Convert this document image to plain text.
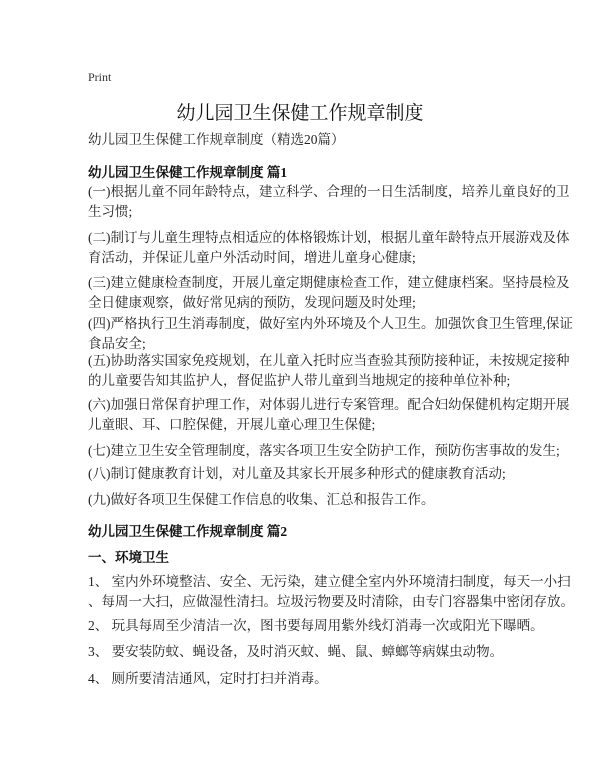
Print
幼儿园卫生保健工作规章制度
幼儿园卫生保健工作规章制度（精选20篇）
幼儿园卫生保健工作规章制度 篇1
(一)根据儿童不同年龄特点，建立科学、合理的一日生活制度，培养儿童良好的卫
生习惯;
(二)制订与儿童生理特点相适应的体格锻炼计划，根据儿童年龄特点开展游戏及体
育活动，并保证儿童户外活动时间，增进儿童身心健康;
(三)建立健康检查制度，开展儿童定期健康检查工作，建立健康档案。坚持晨检及
全日健康观察，做好常见病的预防，发现问题及时处理;
(四)严格执行卫生消毒制度，做好室内外环境及个人卫生。加强饮食卫生管理,保证
食品安全;
(五)协助落实国家免疫规划，在儿童入托时应当查验其预防接种证，未按规定接种
的儿童要告知其监护人，督促监护人带儿童到当地规定的接种单位补种;
(六)加强日常保育护理工作，对体弱儿进行专案管理。配合妇幼保健机构定期开展
儿童眼、耳、口腔保健，开展儿童心理卫生保健;
(七)建立卫生安全管理制度，落实各项卫生安全防护工作，预防伤害事故的发生;
(八)制订健康教育计划，对儿童及其家长开展多种形式的健康教育活动;
(九)做好各项卫生保健工作信息的收集、汇总和报告工作。
幼儿园卫生保健工作规章制度 篇2
一、环境卫生
1、 室内外环境整洁、安全、无污染，建立健全室内外环境清扫制度，每天一小扫
、每周一大扫，应做湿性清扫。垃圾污物要及时清除，由专门容器集中密闭存放。
2、 玩具每周至少清洁一次，图书要每周用紫外线灯消毒一次或阳光下曝晒。
3、 要安装防蚊、蝇设备，及时消灭蚊、蝇、鼠、蟑螂等病媒虫动物。
4、 厕所要清洁通风，定时打扫并消毒。
